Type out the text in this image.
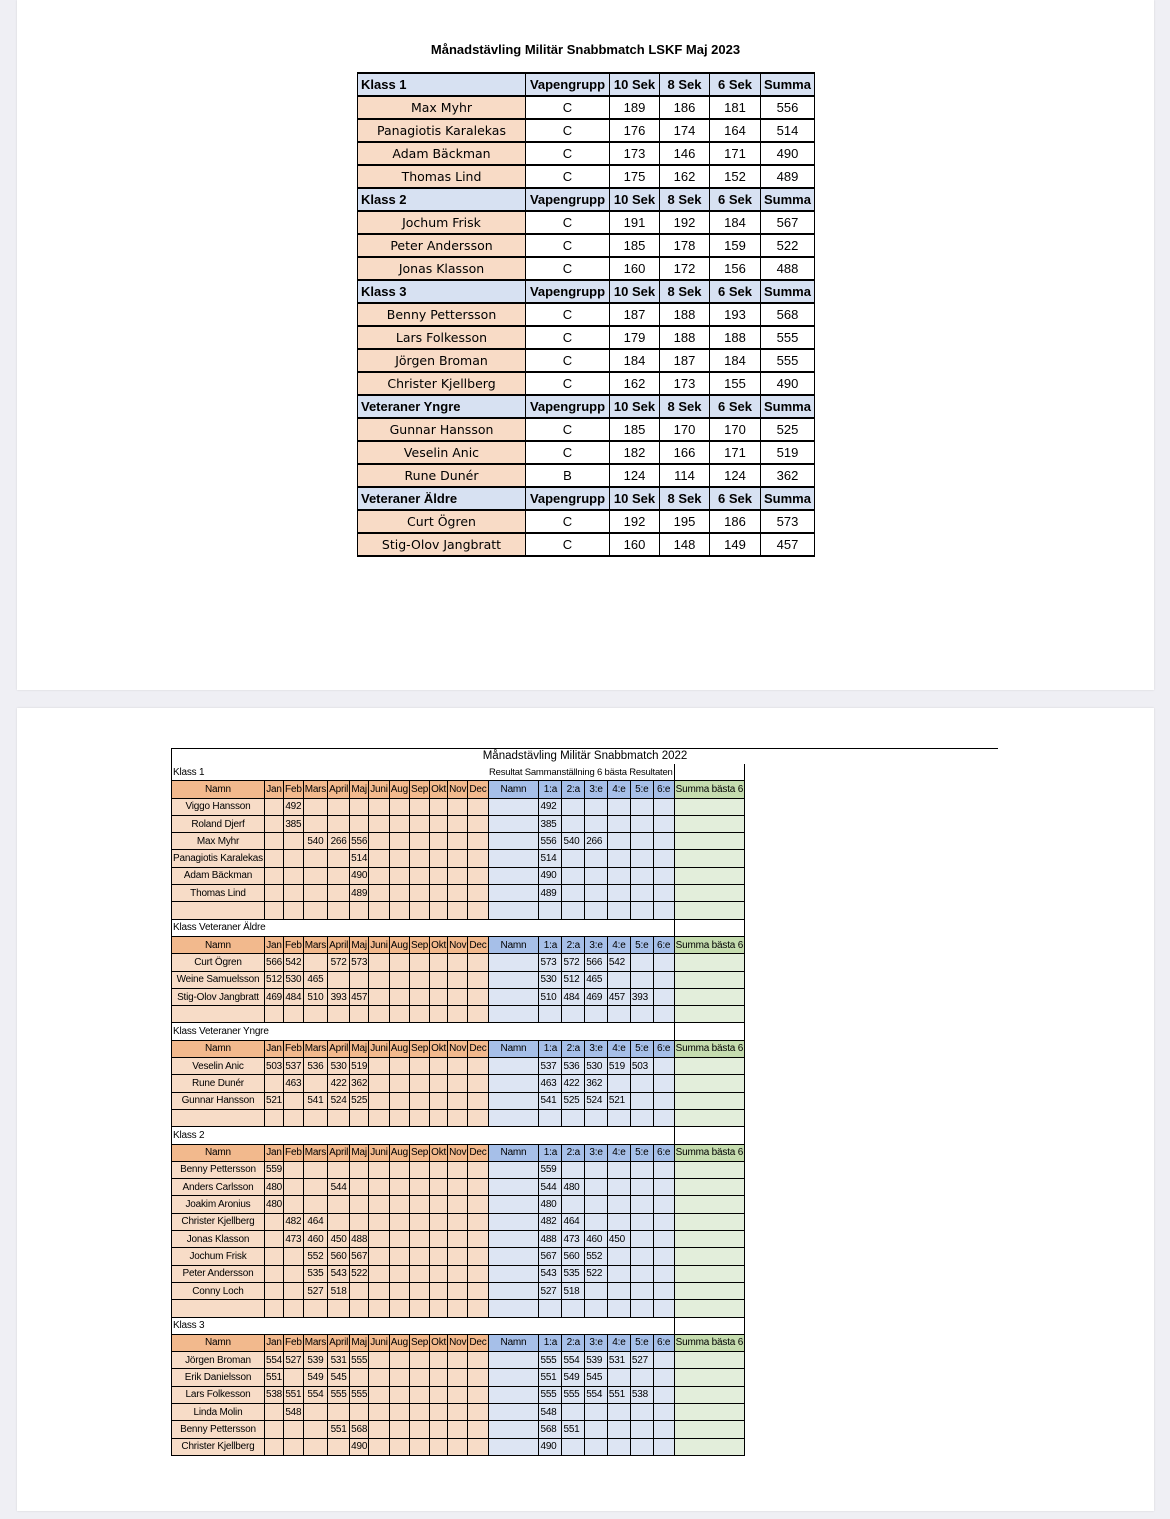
Månadstävling Militär Snabbmatch LSKF Maj 2023
Klass 1	Vapengrupp	10 Sek	8 Sek	6 Sek	Summa
Max Myhr	C	189	186	181	556
Panagiotis Karalekas	C	176	174	164	514
Adam Bäckman	C	173	146	171	490
Thomas Lind	C	175	162	152	489
Klass 2	Vapengrupp	10 Sek	8 Sek	6 Sek	Summa
Jochum Frisk	C	191	192	184	567
Peter Andersson	C	185	178	159	522
Jonas Klasson	C	160	172	156	488
Klass 3	Vapengrupp	10 Sek	8 Sek	6 Sek	Summa
Benny Pettersson	C	187	188	193	568
Lars Folkesson	C	179	188	188	555
Jörgen Broman	C	184	187	184	555
Christer Kjellberg	C	162	173	155	490
Veteraner Yngre	Vapengrupp	10 Sek	8 Sek	6 Sek	Summa
Gunnar Hansson	C	185	170	170	525
Veselin Anic	C	182	166	171	519
Rune Dunér	B	124	114	124	362
Veteraner Äldre	Vapengrupp	10 Sek	8 Sek	6 Sek	Summa
Curt Ögren	C	192	195	186	573
Stig-Olov Jangbratt	C	160	148	149	457
Månadstävling Militär Snabbmatch 2022
Klass 1												Resultat Sammanställning 6 bästa Resultaten							
Namn	Jan	Feb	Mars	April	Maj	Juni	Aug	Sep	Okt	Nov	Dec	Namn	1:a	2:a	3:e	4:e	5:e	6:e	Summa bästa 6
Viggo Hansson		492											492						
Roland Djerf		385											385						
Max Myhr			540	266	556								556	540	266				
Panagiotis Karalekas					514								514						
Adam Bäckman					490								490						
Thomas Lind					489								489						

Klass Veteraner Äldre																			
Namn	Jan	Feb	Mars	April	Maj	Juni	Aug	Sep	Okt	Nov	Dec	Namn	1:a	2:a	3:e	4:e	5:e	6:e	Summa bästa 6
Curt Ögren	566	542		572	573								573	572	566	542			
Weine Samuelsson	512	530	465										530	512	465				
Stig-Olov Jangbratt	469	484	510	393	457								510	484	469	457	393		

Klass Veteraner Yngre																			
Namn	Jan	Feb	Mars	April	Maj	Juni	Aug	Sep	Okt	Nov	Dec	Namn	1:a	2:a	3:e	4:e	5:e	6:e	Summa bästa 6
Veselin Anic	503	537	536	530	519								537	536	530	519	503		
Rune Dunér		463		422	362								463	422	362				
Gunnar Hansson	521		541	524	525								541	525	524	521			

Klass 2																			
Namn	Jan	Feb	Mars	April	Maj	Juni	Aug	Sep	Okt	Nov	Dec	Namn	1:a	2:a	3:e	4:e	5:e	6:e	Summa bästa 6
Benny Pettersson	559												559						
Anders Carlsson	480			544									544	480					
Joakim Aronius	480												480						
Christer Kjellberg		482	464										482	464					
Jonas Klasson		473	460	450	488								488	473	460	450			
Jochum Frisk			552	560	567								567	560	552				
Peter Andersson			535	543	522								543	535	522				
Conny Loch			527	518									527	518					

Klass 3																			
Namn	Jan	Feb	Mars	April	Maj	Juni	Aug	Sep	Okt	Nov	Dec	Namn	1:a	2:a	3:e	4:e	5:e	6:e	Summa bästa 6
Jörgen Broman	554	527	539	531	555								555	554	539	531	527		
Erik Danielsson	551		549	545									551	549	545				
Lars Folkesson	538	551	554	555	555								555	555	554	551	538		
Linda Molin		548											548						
Benny Pettersson				551	568								568	551					
Christer Kjellberg					490								490						
